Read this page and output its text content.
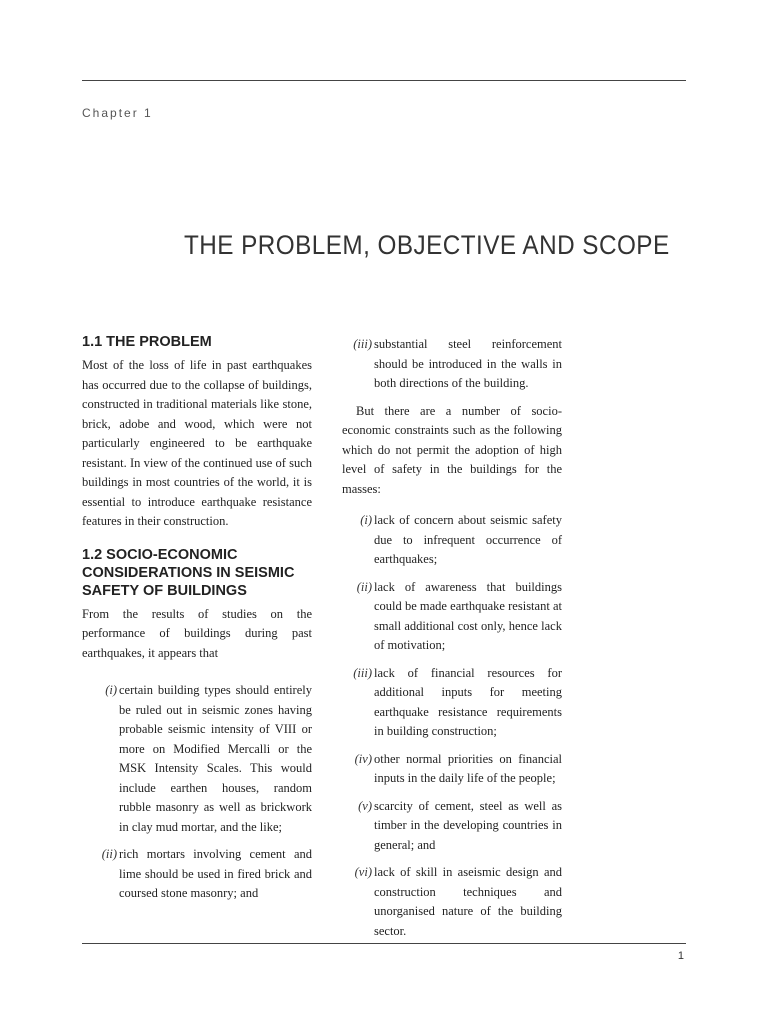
Chapter 1
THE PROBLEM, OBJECTIVE AND SCOPE
1.1 THE PROBLEM

Most of the loss of life in past earthquakes has occurred due to the collapse of buildings, constructed in traditional materials like stone, brick, adobe and wood, which were not particularly engineered to be earthquake resistant. In view of the continued use of such buildings in most countries of the world, it is essential to introduce earthquake resistance features in their construction.

1.2 SOCIO-ECONOMIC CONSIDERATIONS IN SEISMIC SAFETY OF BUILDINGS

From the results of studies on the performance of buildings during past earthquakes, it appears that

(i) certain building types should entirely be ruled out in seismic zones having probable seismic intensity of VIII or more on Modified Mercalli or the MSK Intensity Scales. This would include earthen houses, random rubble masonry as well as brickwork in clay mud mortar, and the like;
(ii) rich mortars involving cement and lime should be used in fired brick and coursed stone masonry; and
(iii) substantial steel reinforcement should be introduced in the walls in both directions of the building.

But there are a number of socio-economic constraints such as the following which do not permit the adoption of high level of safety in the buildings for the masses:

(i) lack of concern about seismic safety due to infrequent occurrence of earthquakes;
(ii) lack of awareness that buildings could be made earthquake resistant at small additional cost only, hence lack of motivation;
(iii) lack of financial resources for additional inputs for meeting earthquake resistance requirements in building construction;
(iv) other normal priorities on financial inputs in the daily life of the people;
(v) scarcity of cement, steel as well as timber in the developing countries in general; and
(vi) lack of skill in aseismic design and construction techniques and unorganised nature of the building sector.
1
